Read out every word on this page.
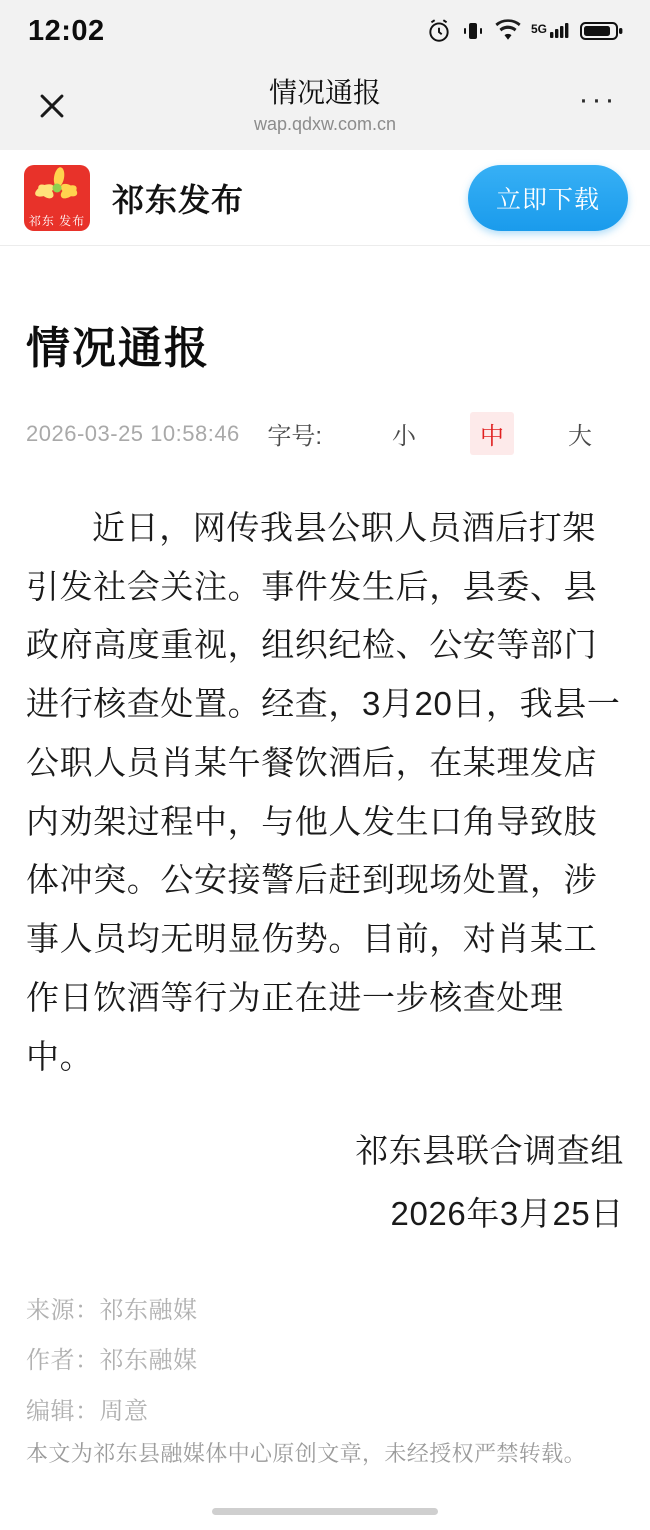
12:02	5G
情况通报
wap.qdxw.com.cn
···
祁东 发布
祁东发布	立即下载
情况通报
2026-03-25 10:58:46 字号:	小	中	大

近日，网传我县公职人员酒后打架引发社会关注。事件发生后，县委、县政府高度重视，组织纪检、公安等部门进行核查处置。经查，3月20日，我县一公职人员肖某午餐饮酒后，在某理发店内劝架过程中，与他人发生口角导致肢体冲突。公安接警后赶到现场处置，涉事人员均无明显伤势。目前，对肖某工作日饮酒等行为正在进一步核查处理中。

祁东县联合调查组
2026年3月25日
来源：祁东融媒
作者：祁东融媒
编辑：周意
本文为祁东县融媒体中心原创文章，未经授权严禁转载。
